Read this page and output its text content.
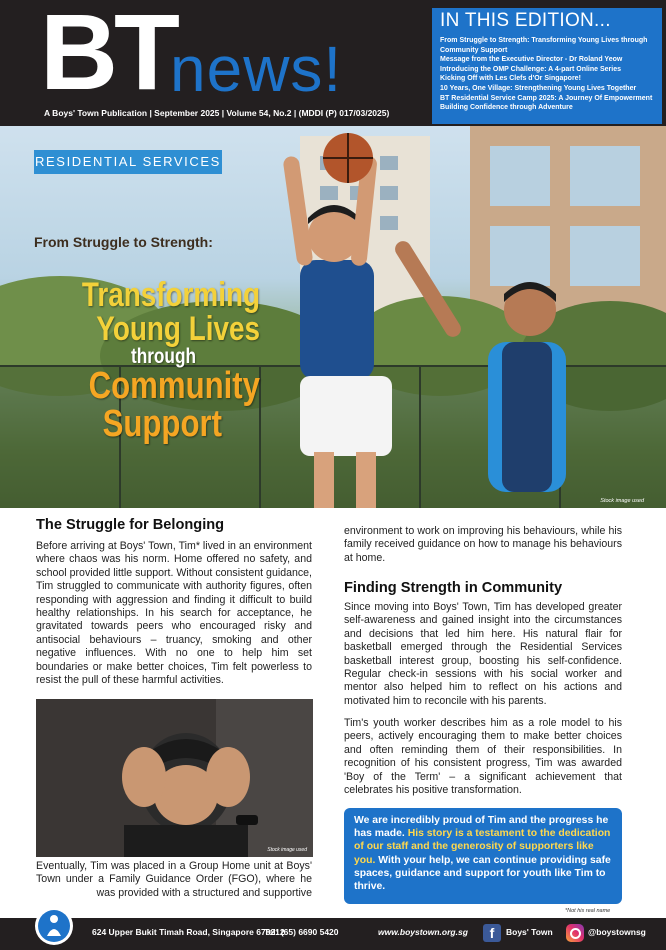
BT
news!
A Boys' Town Publication | September 2025 | Volume 54, No.2 | (MDDI (P) 017/03/2025)
IN THIS EDITION...
From Struggle to Strength: Transforming Young Lives through Community Support
Message from the Executive Director - Dr Roland Yeow
Introducing the OMP Challenge: A 4-part Online Series
Kicking Off with Les Clefs d'Or Singapore!
10 Years, One Village: Strengthening Young Lives Together
BT Residential Service Camp 2025: A Journey Of Empowerment Building Confidence through Adventure
RESIDENTIAL SERVICES
From Struggle to Strength:
Transforming
Young Lives
through
Community
Support
Stock image used
The Struggle for Belonging

Before arriving at Boys' Town, Tim* lived in an environment where chaos was his norm. Home offered no safety, and school provided little support. Without consistent guidance, Tim struggled to communicate with authority figures, often responding with aggression and finding it difficult to build healthy relationships. In his search for acceptance, he gravitated towards peers who encouraged risky and antisocial behaviours – truancy, smoking and other negative influences. With no one to help him set boundaries or make better choices, Tim felt powerless to resist the pull of these harmful activities.

Stock image used

Eventually, Tim was placed in a Group Home unit at Boys' Town under a Family Guidance Order (FGO), where he was provided with a structured and supportive

environment to work on improving his behaviours, while his family received guidance on how to manage his behaviours at home.

Finding Strength in Community

Since moving into Boys' Town, Tim has developed greater self-awareness and gained insight into the circumstances and decisions that led him here. His natural flair for basketball emerged through the Residential Services basketball interest group, boosting his self-confidence. Regular check-in sessions with his social worker and mentor also helped him to reflect on his actions and motivated him to reconcile with his parents.

Tim's youth worker describes him as a role model to his peers, actively encouraging them to make better choices and often reminding them of their responsibilities. In recognition of his consistent progress, Tim was awarded 'Boy of the Term' – a significant achievement that celebrates his positive transformation.

We are incredibly proud of Tim and the progress he has made. His story is a testament to the dedication of our staff and the generosity of supporters like you. With your help, we can continue providing safe spaces, guidance and support for youth like Tim to thrive.

*Not his real name
624 Upper Bukit Timah Road, Singapore 678212
Tel: (65) 6690 5420	www.boystown.org.sg	f	Boys' Town	@boystownsg
